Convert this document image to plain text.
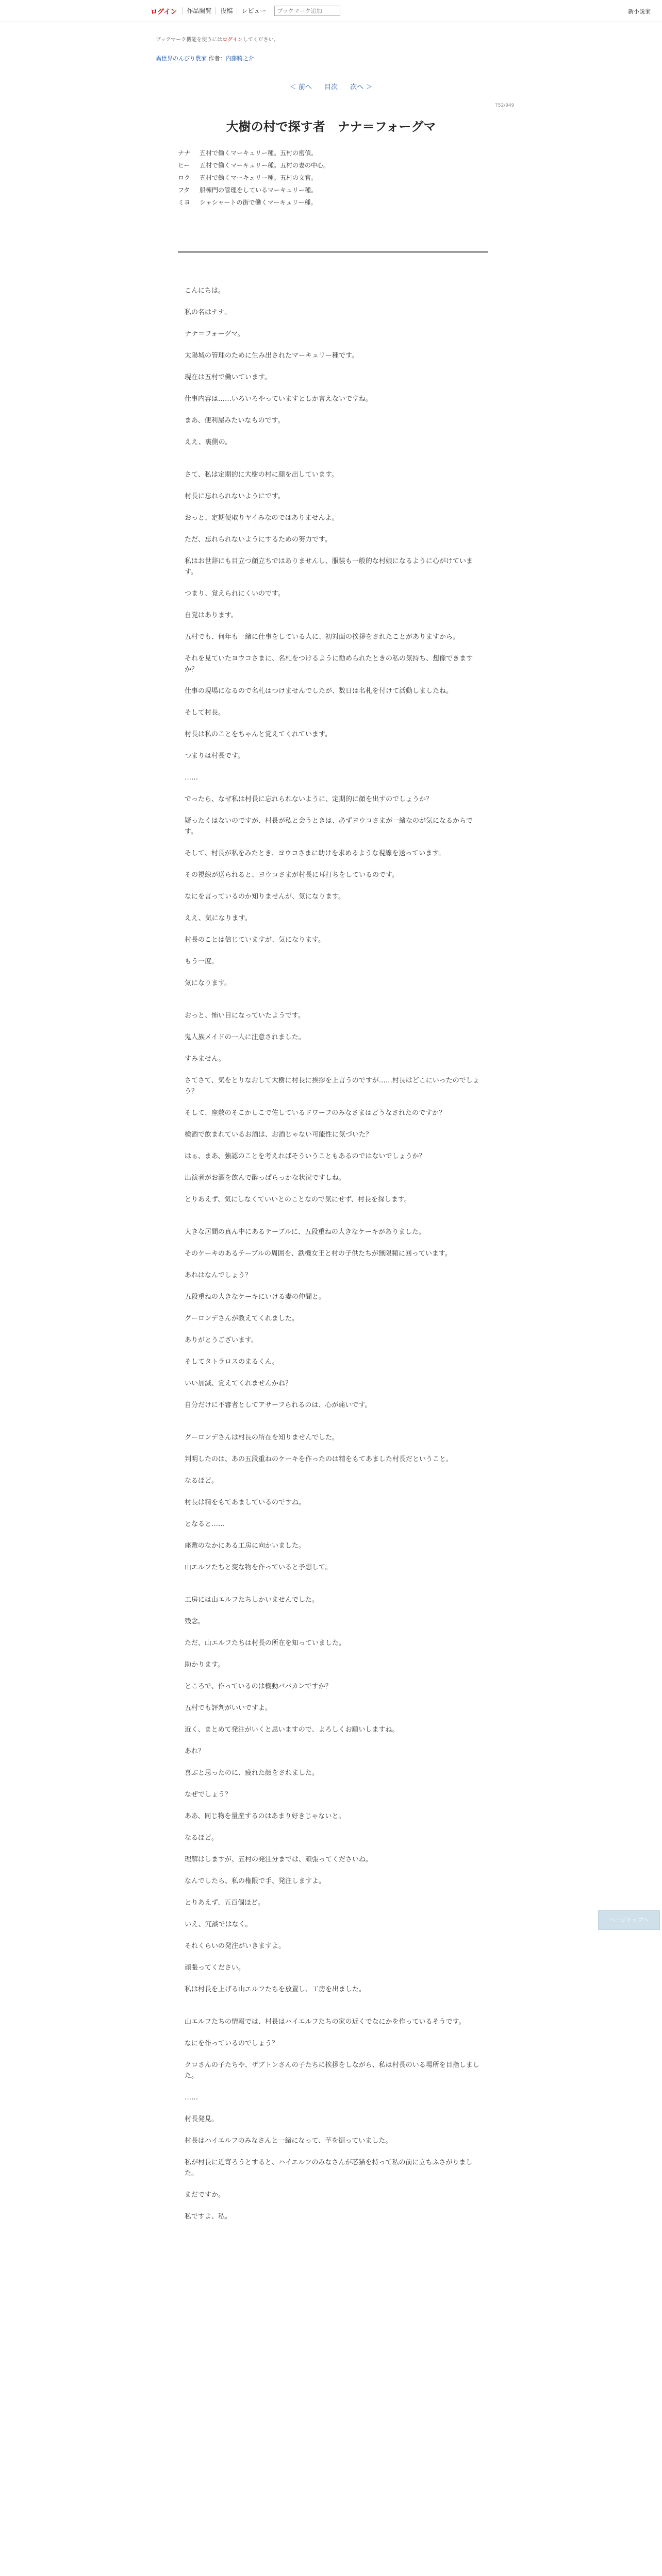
ログイン	作品閲覧	投稿	レビュー
ブックマーク追加	新小説家
ブックマーク機能を使うにはログインしてください。
異世界のんびり農家 作者：内藤騎之介
＜ 前へ 目次 次へ ＞
752/949
大樹の村で探す者　ナナ＝フォーグマ
ナナ 五村で働くマーキュリー種。五村の密偵。
ヒー 五村で働くマーキュリー種。五村の妻の中心。
ロク 五村で働くマーキュリー種。五村の文官。
フタ 船棟門の管理をしているマーキュリー種。
ミヨ シャシャートの街で働くマーキュリー種。

こんにちは。

私の名はナナ。

ナナ＝フォーグマ。

太陽城の管理のために生み出されたマーキュリー種です。

現在は五村で働いています。

仕事内容は……いろいろやっていますとしか言えないですね。

まあ、便利屋みたいなものです。

ええ、裏側の。

さて、私は定期的に大樹の村に顔を出しています。

村長に忘れられないようにです。

おっと、定期便取りヤイみなのではありませんよ。

ただ、忘れられないようにするための努力です。

私はお世辞にも目立つ顔立ちではありませんし、服装も一般的な村娘になるように心がけています。

つまり、覚えられにくいのです。

自覚はあります。

五村でも、何年も一緒に仕事をしている人に、初対面の挨拶をされたことがありますから。

それを見ていたヨウコさまに、名札をつけるように勧められたときの私の気持ち、想像できますか？

仕事の現場になるので名札はつけませんでしたが、数日は名札を付けて活動しましたね。

そして村長。

村長は私のことをちゃんと覚えてくれています。

つまりは村長です。

……

でったら、なぜ私は村長に忘れられないように、定期的に顔を出すのでしょうか？

疑ったくはないのですが、村長が私と会うときは、必ずヨウコさまが一緒なのが気になるからです。

そして、村長が私をみたとき、ヨウコさまに助けを求めるような視線を送っています。

その視線が送られると、ヨウコさまが村長に耳打ちをしているのです。

なにを言っているのか知りませんが、気になります。

ええ、気になります。

村長のことは信じていますが、気になります。

もう一度。

気になります。

おっと、怖い目になっていたようです。

鬼人族メイドの一人に注意されました。

すみません。

さてさて、気をとりなおして大樹に村長に挨拶を上言うのですが……村長はどこにいったのでしょう？

そして、座敷のそこかしこで佐しているドワーフのみなさまはどうなされたのですか？

検酒で飲まれているお酒は、お酒じゃない可能性に気づいた？

はぁ、まあ、強認のことを考えればそういうこともあるのではないでしょうか？

出演者がお酒を飲んで酔っぱらっかな状況ですしね。

とりあえず、気にしなくていいとのことなので気にせず、村長を探します。

大きな居間の真ん中にあるテーブルに、五段重ねの大きなケーキがありました。

そのケーキのあるテーブルの周囲を、鉄機女王と村の子供たちが無限頻に回っています。

あれはなんでしょう？

五段重ねの大きなケーキにいける妻の仲間と。

グーロンデさんが教えてくれました。

ありがとうございます。

そしてタトラロスのまるくん。

いい加減、覚えてくれませんかね？

自分だけに不審者としてアサーフられるのは、心が痛いです。

グーロンデさんは村長の所在を知りませんでした。

判明したのは、あの五段重ねのケーキを作ったのは精をもてあました村長だということ。

なるほど。

村長は精をもてあましているのですね。

となると……

座敷のなかにある工房に向かいました。

山エルフたちと変な物を作っていると予想して。

工房には山エルフたちしかいませんでした。

残念。

ただ、山エルフたちは村長の所在を知っていました。

助かります。

ところで、作っているのは機動ババカンですか？

五村でも評判がいいですよ。

近く、まとめて発注がいくと思いますので、よろしくお願いしますね。

あれ？

喜ぶと思ったのに、疲れた顔をされました。

なぜでしょう？

ああ、同じ物を量産するのはあまり好きじゃないと。

なるほど。

理解はしますが、五村の発注分までは、頑張ってくださいね。

なんでしたら、私の権限で手、発注しますよ。

とりあえず、五百個ほど。

いえ、冗談ではなく。

それくらいの発注がいきますよ。

頑張ってください。

私は村長を上げる山エルフたちを放置し、工房を出ました。

山エルフたちの情報では、村長はハイエルフたちの家の近くでなにかを作っているそうです。

なにを作っているのでしょう？

クロさんの子たちや、ザブトンさんの子たちに挨拶をしながら、私は村長のいる場所を目指しました。

……

村長発見。

村長はハイエルフのみなさんと一緒になって、芋を掘っていました。

私が村長に近寄ろうとすると、ハイエルフのみなさんが芯猫を持って私の前に立ちふさがりました。

まだですか。

私ですよ、私。

ページトップへ
